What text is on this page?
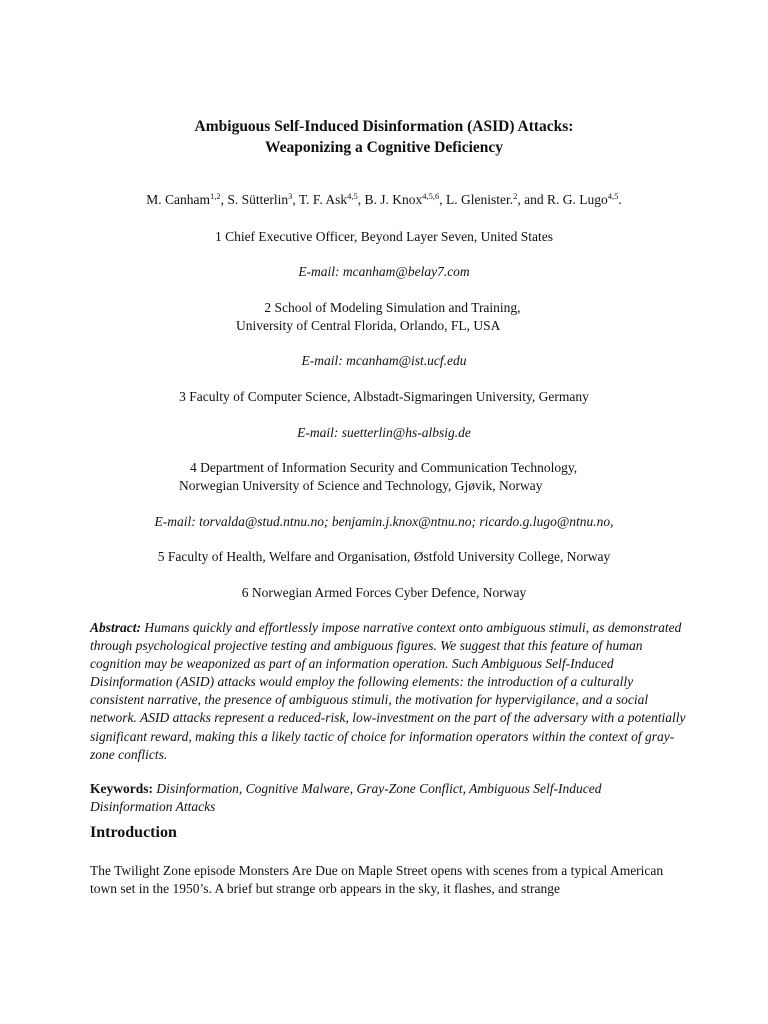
Ambiguous Self-Induced Disinformation (ASID) Attacks:
Weaponizing a Cognitive Deficiency
M. Canham$^{1,2}$, S. Sütterlin$^3$, T. F. Ask$^{4,5}$, B. J. Knox$^{4,5,6}$, L. Glenister.$^2$, and R. G. Lugo$^{4,5}$.
1 Chief Executive Officer, Beyond Layer Seven, United States
E-mail: mcanham@belay7.com
2 School of Modeling Simulation and Training,
University of Central Florida, Orlando, FL, USA
E-mail: mcanham@ist.ucf.edu
3 Faculty of Computer Science, Albstadt-Sigmaringen University, Germany
E-mail: suetterlin@hs-albsig.de
4 Department of Information Security and Communication Technology,
Norwegian University of Science and Technology, Gjøvik, Norway
E-mail: torvalda@stud.ntnu.no; benjamin.j.knox@ntnu.no; ricardo.g.lugo@ntnu.no,
5 Faculty of Health, Welfare and Organisation, Østfold University College, Norway
6 Norwegian Armed Forces Cyber Defence, Norway
Abstract: Humans quickly and effortlessly impose narrative context onto ambiguous stimuli, as demonstrated through psychological projective testing and ambiguous figures. We suggest that this feature of human cognition may be weaponized as part of an information operation. Such Ambiguous Self-Induced Disinformation (ASID) attacks would employ the following elements: the introduction of a culturally consistent narrative, the presence of ambiguous stimuli, the motivation for hypervigilance, and a social network. ASID attacks represent a reduced-risk, low-investment on the part of the adversary with a potentially significant reward, making this a likely tactic of choice for information operators within the context of gray-zone conflicts.
Keywords: Disinformation, Cognitive Malware, Gray-Zone Conflict, Ambiguous Self-Induced Disinformation Attacks
Introduction
The Twilight Zone episode Monsters Are Due on Maple Street opens with scenes from a typical American town set in the 1950’s. A brief but strange orb appears in the sky, it flashes, and strange
